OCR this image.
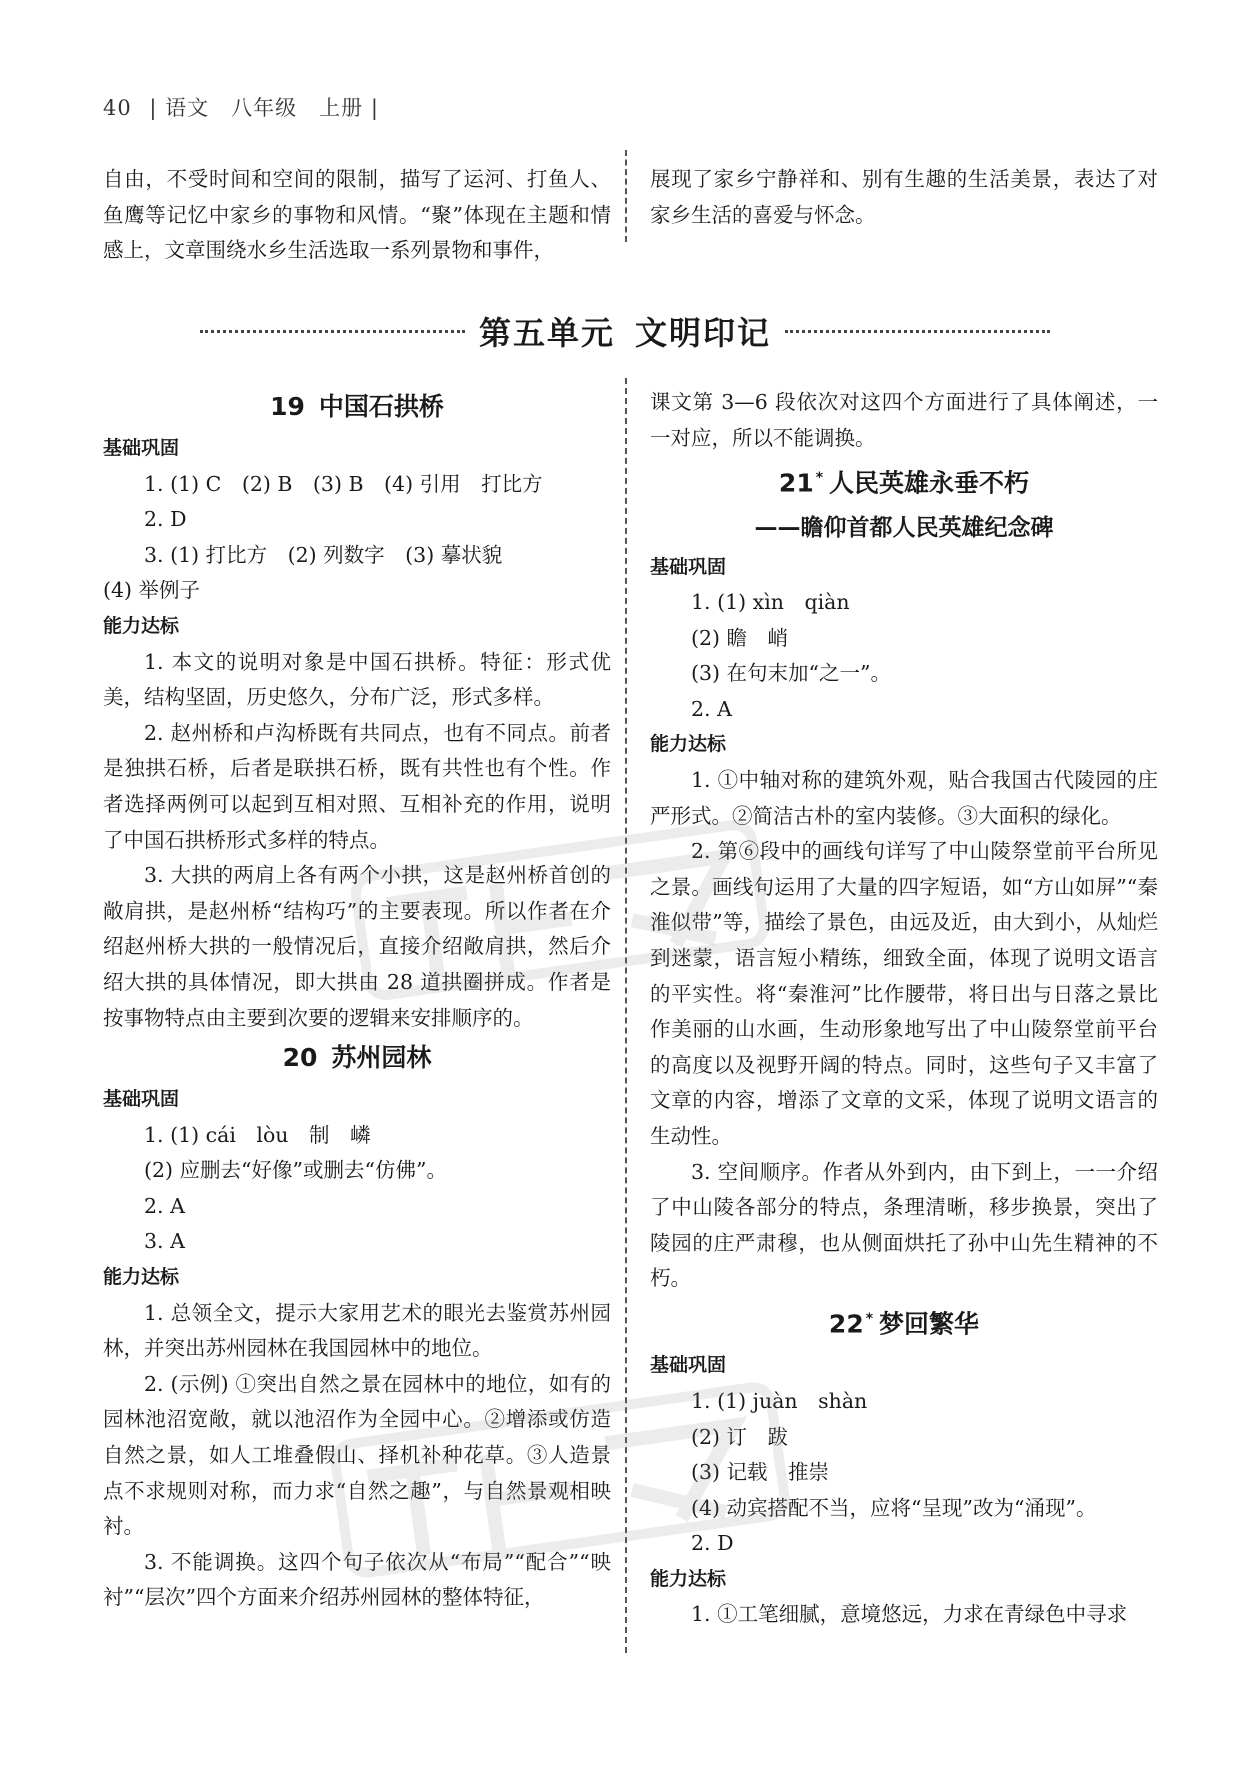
40 | 语文　八年级　上册 |

自由，不受时间和空间的限制，描写了运河、打鱼人、鱼鹰等记忆中家乡的事物和风情。“聚”体现在主题和情感上，文章围绕水乡生活选取一系列景物和事件，

展现了家乡宁静祥和、别有生趣的生活美景，表达了对家乡生活的喜爱与怀念。

第五单元 文明印记
19 中国石拱桥

基础巩固

1. (1) C　(2) B　(3) B　(4) 引用　打比方

2. D

3. (1) 打比方　(2) 列数字　(3) 摹状貌

(4) 举例子

能力达标

1. 本文的说明对象是中国石拱桥。特征：形式优美，结构坚固，历史悠久，分布广泛，形式多样。

2. 赵州桥和卢沟桥既有共同点，也有不同点。前者是独拱石桥，后者是联拱石桥，既有共性也有个性。作者选择两例可以起到互相对照、互相补充的作用，说明了中国石拱桥形式多样的特点。

3. 大拱的两肩上各有两个小拱，这是赵州桥首创的敞肩拱，是赵州桥“结构巧”的主要表现。所以作者在介绍赵州桥大拱的一般情况后，直接介绍敞肩拱，然后介绍大拱的具体情况，即大拱由 28 道拱圈拼成。作者是按事物特点由主要到次要的逻辑来安排顺序的。

20 苏州园林

基础巩固

1. (1) cái　lòu　制　嶙

(2) 应删去“好像”或删去“仿佛”。

2. A

3. A

能力达标

1. 总领全文，提示大家用艺术的眼光去鉴赏苏州园林，并突出苏州园林在我国园林中的地位。

2. (示例) ①突出自然之景在园林中的地位，如有的园林池沼宽敞，就以池沼作为全园中心。②增添或仿造自然之景，如人工堆叠假山、择机补种花草。③人造景点不求规则对称，而力求“自然之趣”，与自然景观相映衬。

3. 不能调换。这四个句子依次从“布局”“配合”“映衬”“层次”四个方面来介绍苏州园林的整体特征，

课文第 3—6 段依次对这四个方面进行了具体阐述，一一对应，所以不能调换。

21 * 人民英雄永垂不朽
——瞻仰首都人民英雄纪念碑

基础巩固

1. (1) xìn　qiàn

(2) 瞻　峭

(3) 在句末加“之一”。

2. A

能力达标

1. ①中轴对称的建筑外观，贴合我国古代陵园的庄严形式。②简洁古朴的室内装修。③大面积的绿化。

2. 第⑥段中的画线句详写了中山陵祭堂前平台所见之景。画线句运用了大量的四字短语，如“方山如屏”“秦淮似带”等，描绘了景色，由远及近，由大到小，从灿烂到迷蒙，语言短小精练，细致全面，体现了说明文语言的平实性。将“秦淮河”比作腰带，将日出与日落之景比作美丽的山水画，生动形象地写出了中山陵祭堂前平台的高度以及视野开阔的特点。同时，这些句子又丰富了文章的内容，增添了文章的文采，体现了说明文语言的生动性。

3. 空间顺序。作者从外到内，由下到上，一一介绍了中山陵各部分的特点，条理清晰，移步换景，突出了陵园的庄严肃穆，也从侧面烘托了孙中山先生精神的不朽。

22 * 梦回繁华

基础巩固

1. (1) juàn　shàn

(2) 订　跋

(3) 记载　推崇

(4) 动宾搭配不当，应将“呈现”改为“涌现”。

2. D

能力达标

1. ①工笔细腻，意境悠远，力求在青绿色中寻求
